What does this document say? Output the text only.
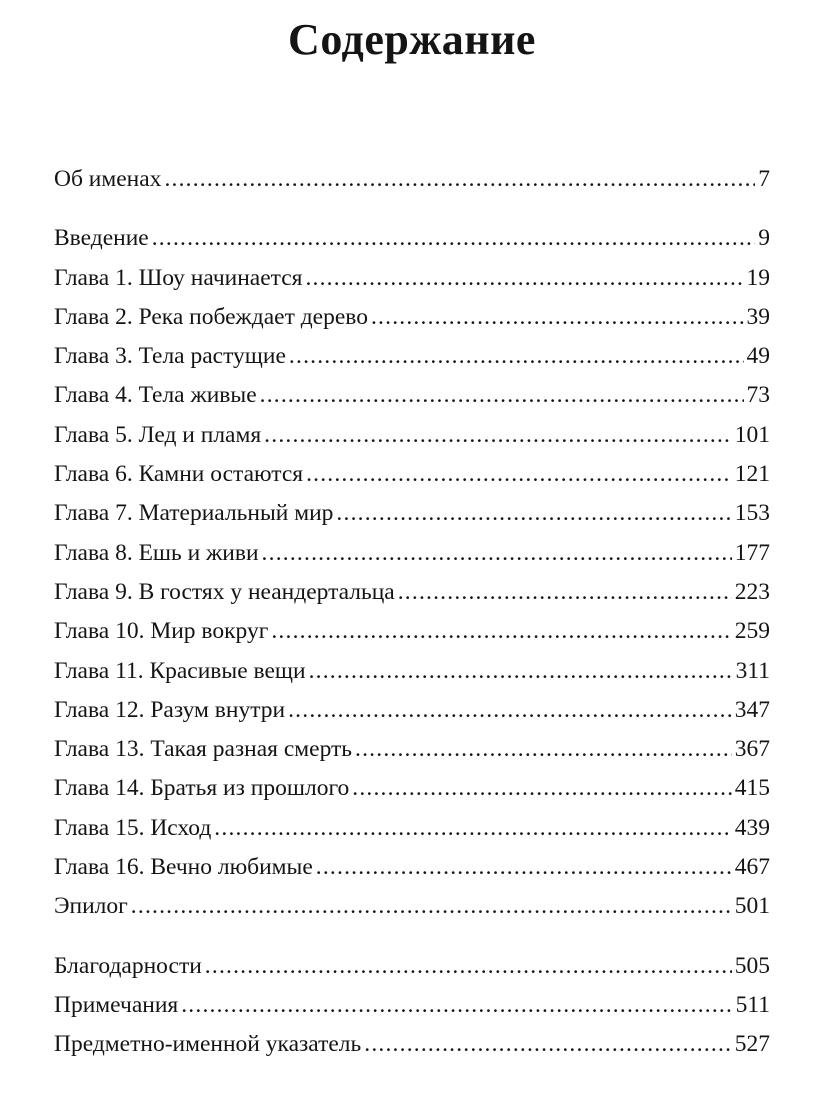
Содержание
Об именах .....	7
Введение .....	9
Глава 1. Шоу начинается .....	19
Глава 2. Река побеждает дерево .....	39
Глава 3. Тела растущие .....	49
Глава 4. Тела живые .....	73
Глава 5. Лед и пламя .....	101
Глава 6. Камни остаются .....	121
Глава 7. Материальный мир .....	153
Глава 8. Ешь и живи .....	177
Глава 9. В гостях у неандертальца .....	223
Глава 10. Мир вокруг .....	259
Глава 11. Красивые вещи .....	311
Глава 12. Разум внутри .....	347
Глава 13. Такая разная смерть .....	367
Глава 14. Братья из прошлого .....	415
Глава 15. Исход .....	439
Глава 16. Вечно любимые .....	467
Эпилог .....	501
Благодарности .....	505
Примечания .....	511
Предметно-именной указатель .....	527
